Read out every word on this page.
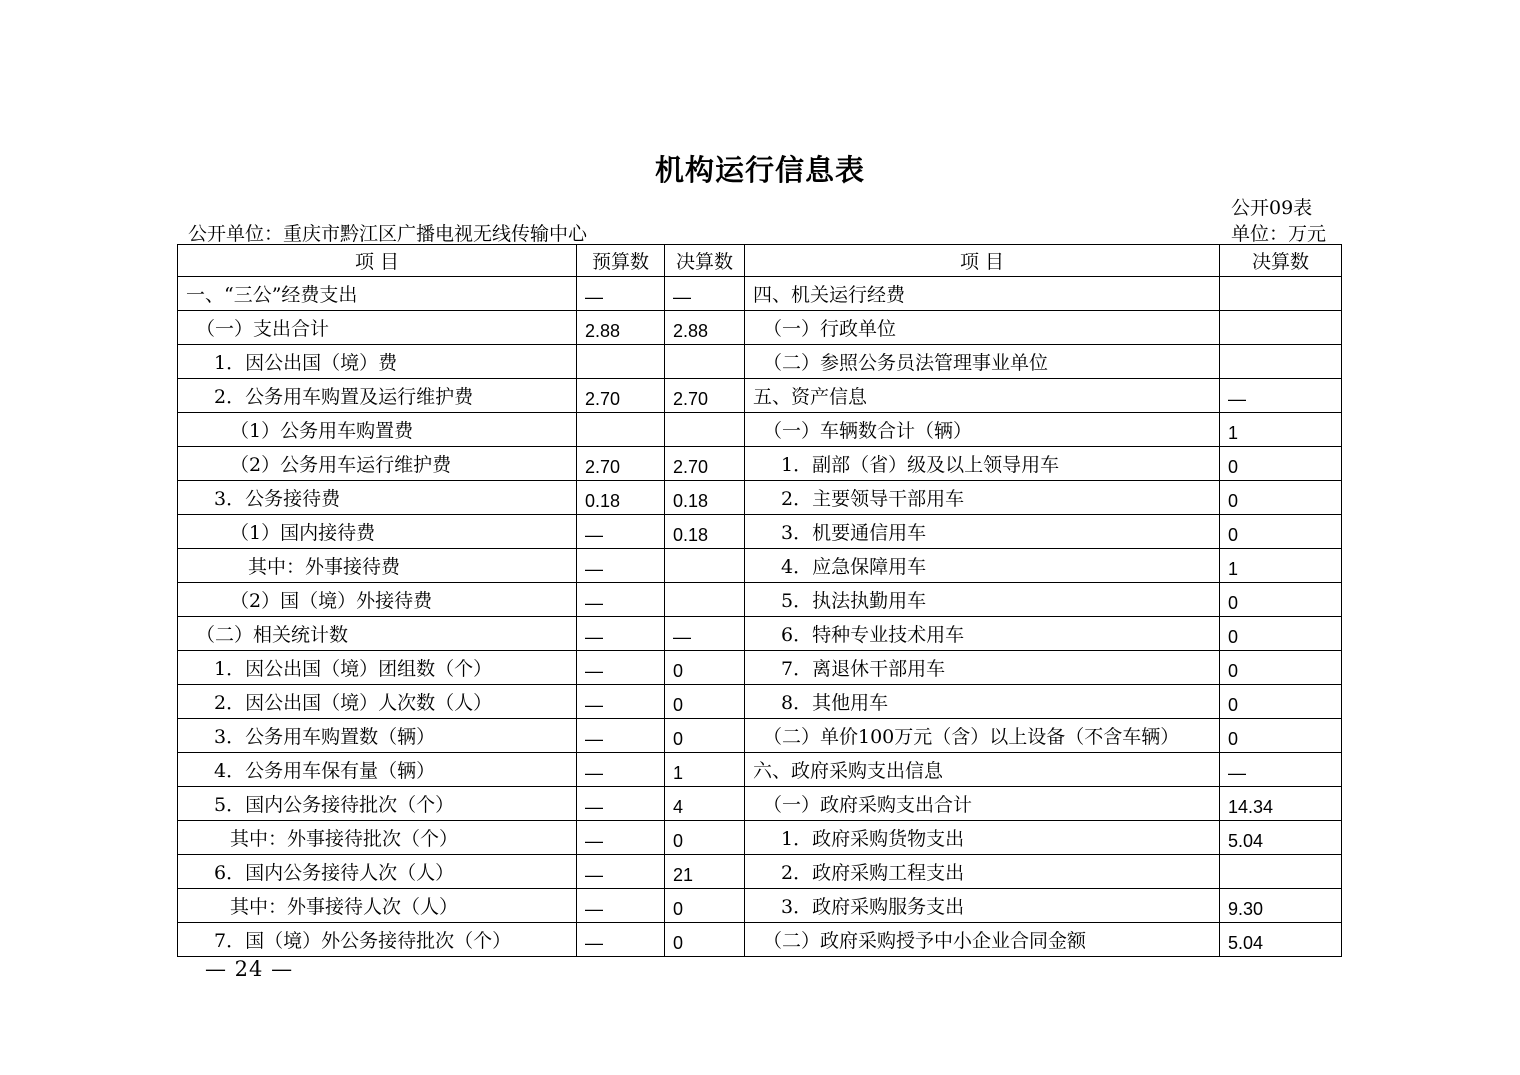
机构运行信息表
公开09表
单位：万元
公开单位：重庆市黔江区广播电视无线传输中心
项 目	预算数	决算数	项 目	决算数
一、“三公”经费支出	—	—	四、机关运行经费	
（一）支出合计	2.88	2.88	（一）行政单位	
1．因公出国（境）费			（二）参照公务员法管理事业单位	
2．公务用车购置及运行维护费	2.70	2.70	五、资产信息	—
（1）公务用车购置费			（一）车辆数合计（辆）	1
（2）公务用车运行维护费	2.70	2.70	1．副部（省）级及以上领导用车	0
3．公务接待费	0.18	0.18	2．主要领导干部用车	0
（1）国内接待费	—	0.18	3．机要通信用车	0
其中：外事接待费	—		4．应急保障用车	1
（2）国（境）外接待费	—		5．执法执勤用车	0
（二）相关统计数	—	—	6．特种专业技术用车	0
1．因公出国（境）团组数（个）	—	0	7．离退休干部用车	0
2．因公出国（境）人次数（人）	—	0	8．其他用车	0
3．公务用车购置数（辆）	—	0	（二）单价100万元（含）以上设备（不含车辆）	0
4．公务用车保有量（辆）	—	1	六、政府采购支出信息	—
5．国内公务接待批次（个）	—	4	（一）政府采购支出合计	14.34
其中：外事接待批次（个）	—	0	1．政府采购货物支出	5.04
6．国内公务接待人次（人）	—	21	2．政府采购工程支出	
其中：外事接待人次（人）	—	0	3．政府采购服务支出	9.30
7．国（境）外公务接待批次（个）	—	0	（二）政府采购授予中小企业合同金额	5.04
— 24 —
